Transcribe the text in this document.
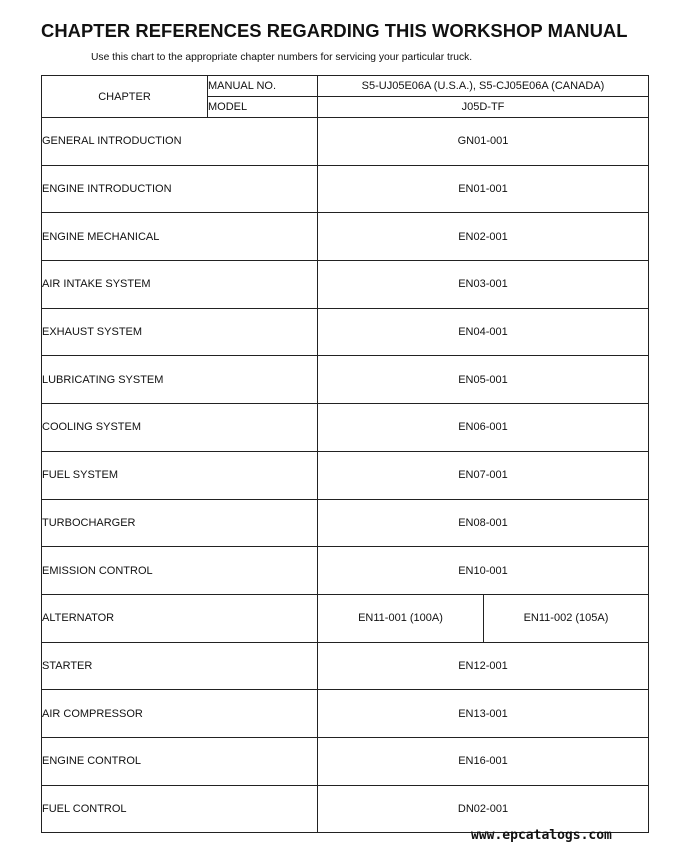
CHAPTER REFERENCES REGARDING THIS WORKSHOP MANUAL

Use this chart to the appropriate chapter numbers for servicing your particular truck.

CHAPTER	MANUAL NO.	S5-UJ05E06A (U.S.A.), S5-CJ05E06A (CANADA)	
	MODEL	J05D-TF	
GENERAL INTRODUCTION		GN01-001	
ENGINE INTRODUCTION		EN01-001	
ENGINE MECHANICAL		EN02-001	
AIR INTAKE SYSTEM		EN03-001	
EXHAUST SYSTEM		EN04-001	
LUBRICATING SYSTEM		EN05-001	
COOLING SYSTEM		EN06-001	
FUEL SYSTEM		EN07-001	
TURBOCHARGER		EN08-001	
EMISSION CONTROL		EN10-001	
ALTERNATOR		EN11-001 (100A)	EN11-002 (105A)
STARTER		EN12-001	
AIR COMPRESSOR		EN13-001	
ENGINE CONTROL		EN16-001	
FUEL CONTROL		DN02-001	
www.epcatalogs.com
